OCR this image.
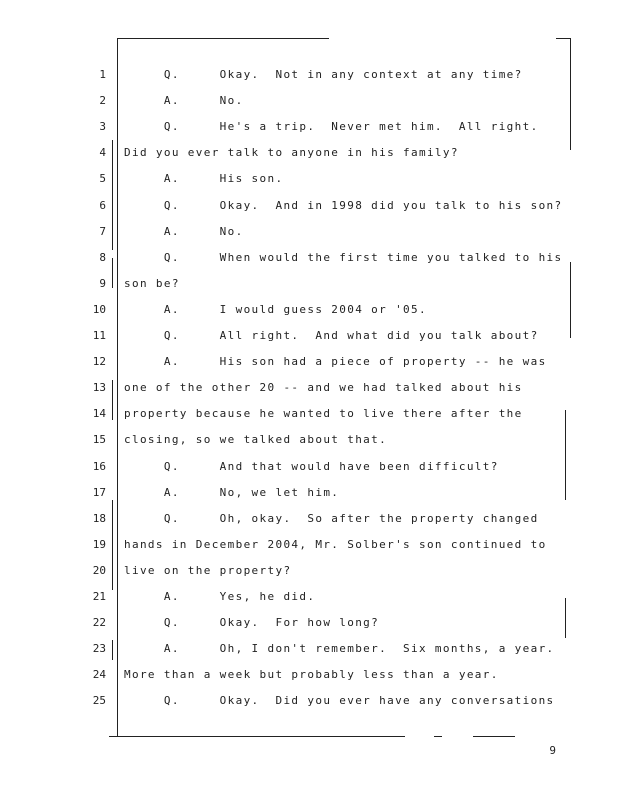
1 Q.     Okay.  Not in any context at any time?
2 A.     No.
3 Q.     He's a trip.  Never met him.  All right.
4 Did you ever talk to anyone in his family?
5 A.     His son.
6 Q.     Okay.  And in 1998 did you talk to his son?
7 A.     No.
8 Q.     When would the first time you talked to his
9 son be?
10 A.     I would guess 2004 or '05.
11 Q.     All right.  And what did you talk about?
12 A.     His son had a piece of property -- he was
13 one of the other 20 -- and we had talked about his
14 property because he wanted to live there after the
15 closing, so we talked about that.
16 Q.     And that would have been difficult?
17 A.     No, we let him.
18 Q.     Oh, okay.  So after the property changed
19 hands in December 2004, Mr. Solber's son continued to
20 live on the property?
21 A.     Yes, he did.
22 Q.     Okay.  For how long?
23 A.     Oh, I don't remember.  Six months, a year.
24 More than a week but probably less than a year.
25 Q.     Okay.  Did you ever have any conversations
9
